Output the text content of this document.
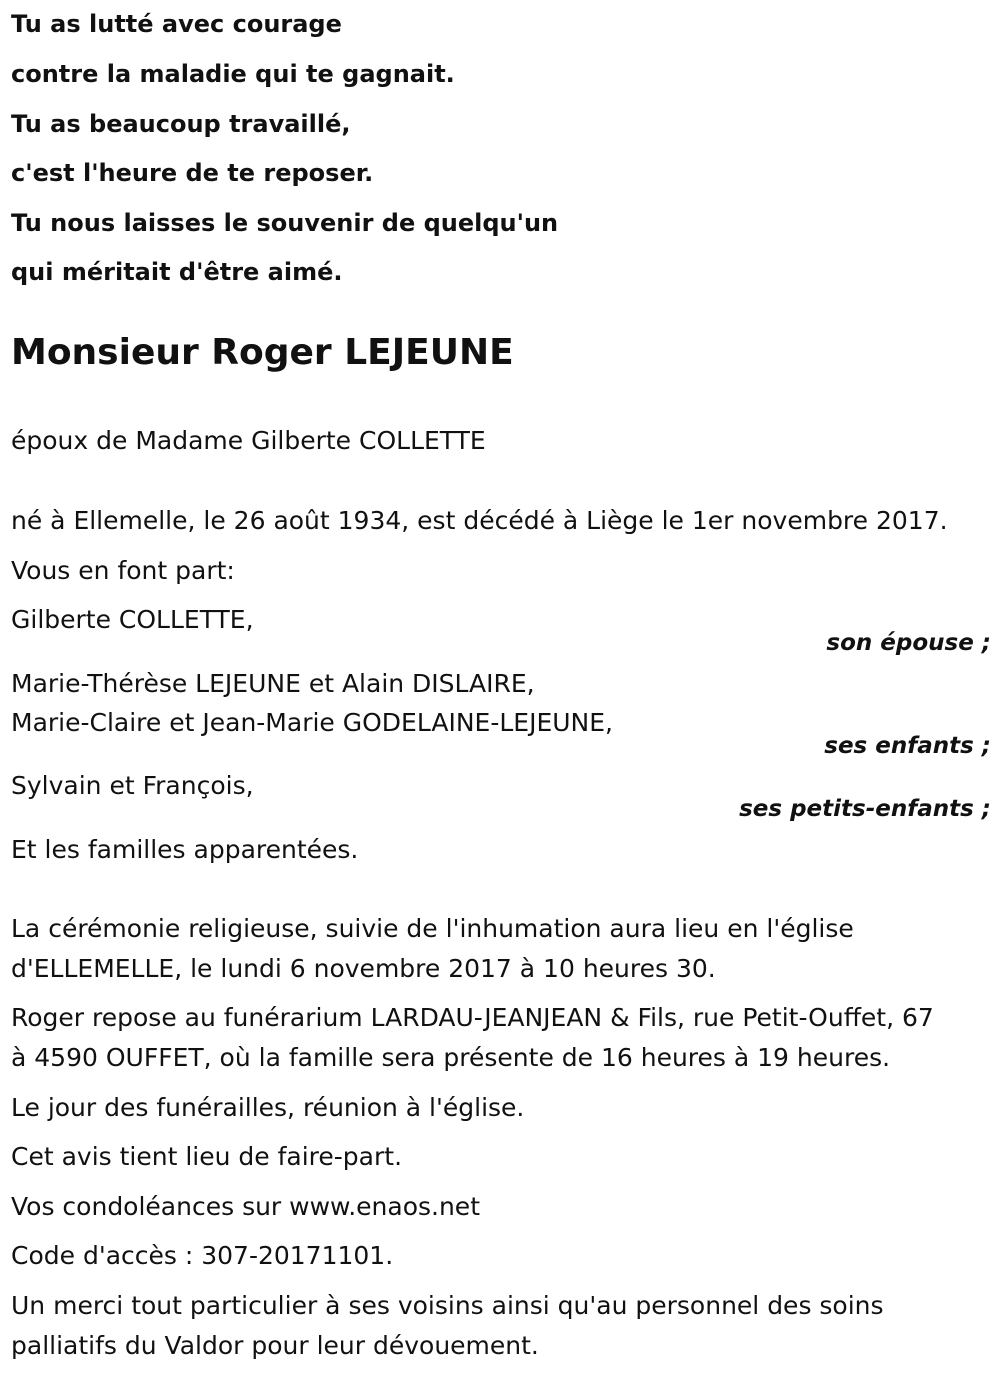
Tu as lutté avec courage
contre la maladie qui te gagnait.
Tu as beaucoup travaillé,
c'est l'heure de te reposer.
Tu nous laisses le souvenir de quelqu'un
qui méritait d'être aimé.
Monsieur Roger LEJEUNE
époux de Madame Gilberte COLLETTE
né à Ellemelle, le 26 août 1934, est décédé à Liège le 1er novembre 2017.
Vous en font part:
Gilberte COLLETTE,
son épouse ;
Marie-Thérèse LEJEUNE et Alain DISLAIRE,
Marie-Claire et Jean-Marie GODELAINE-LEJEUNE,
ses enfants ;
Sylvain et François,
ses petits-enfants ;
Et les familles apparentées.
La cérémonie religieuse, suivie de l'inhumation aura lieu en l'église
d'ELLEMELLE, le lundi 6 novembre 2017 à 10 heures 30.
Roger repose au funérarium LARDAU-JEANJEAN & Fils, rue Petit-Ouffet, 67
à 4590 OUFFET, où la famille sera présente de 16 heures à 19 heures.
Le jour des funérailles, réunion à l'église.
Cet avis tient lieu de faire-part.
Vos condoléances sur www.enaos.net
Code d'accès : 307-20171101.
Un merci tout particulier à ses voisins ainsi qu'au personnel des soins
palliatifs du Valdor pour leur dévouement.
